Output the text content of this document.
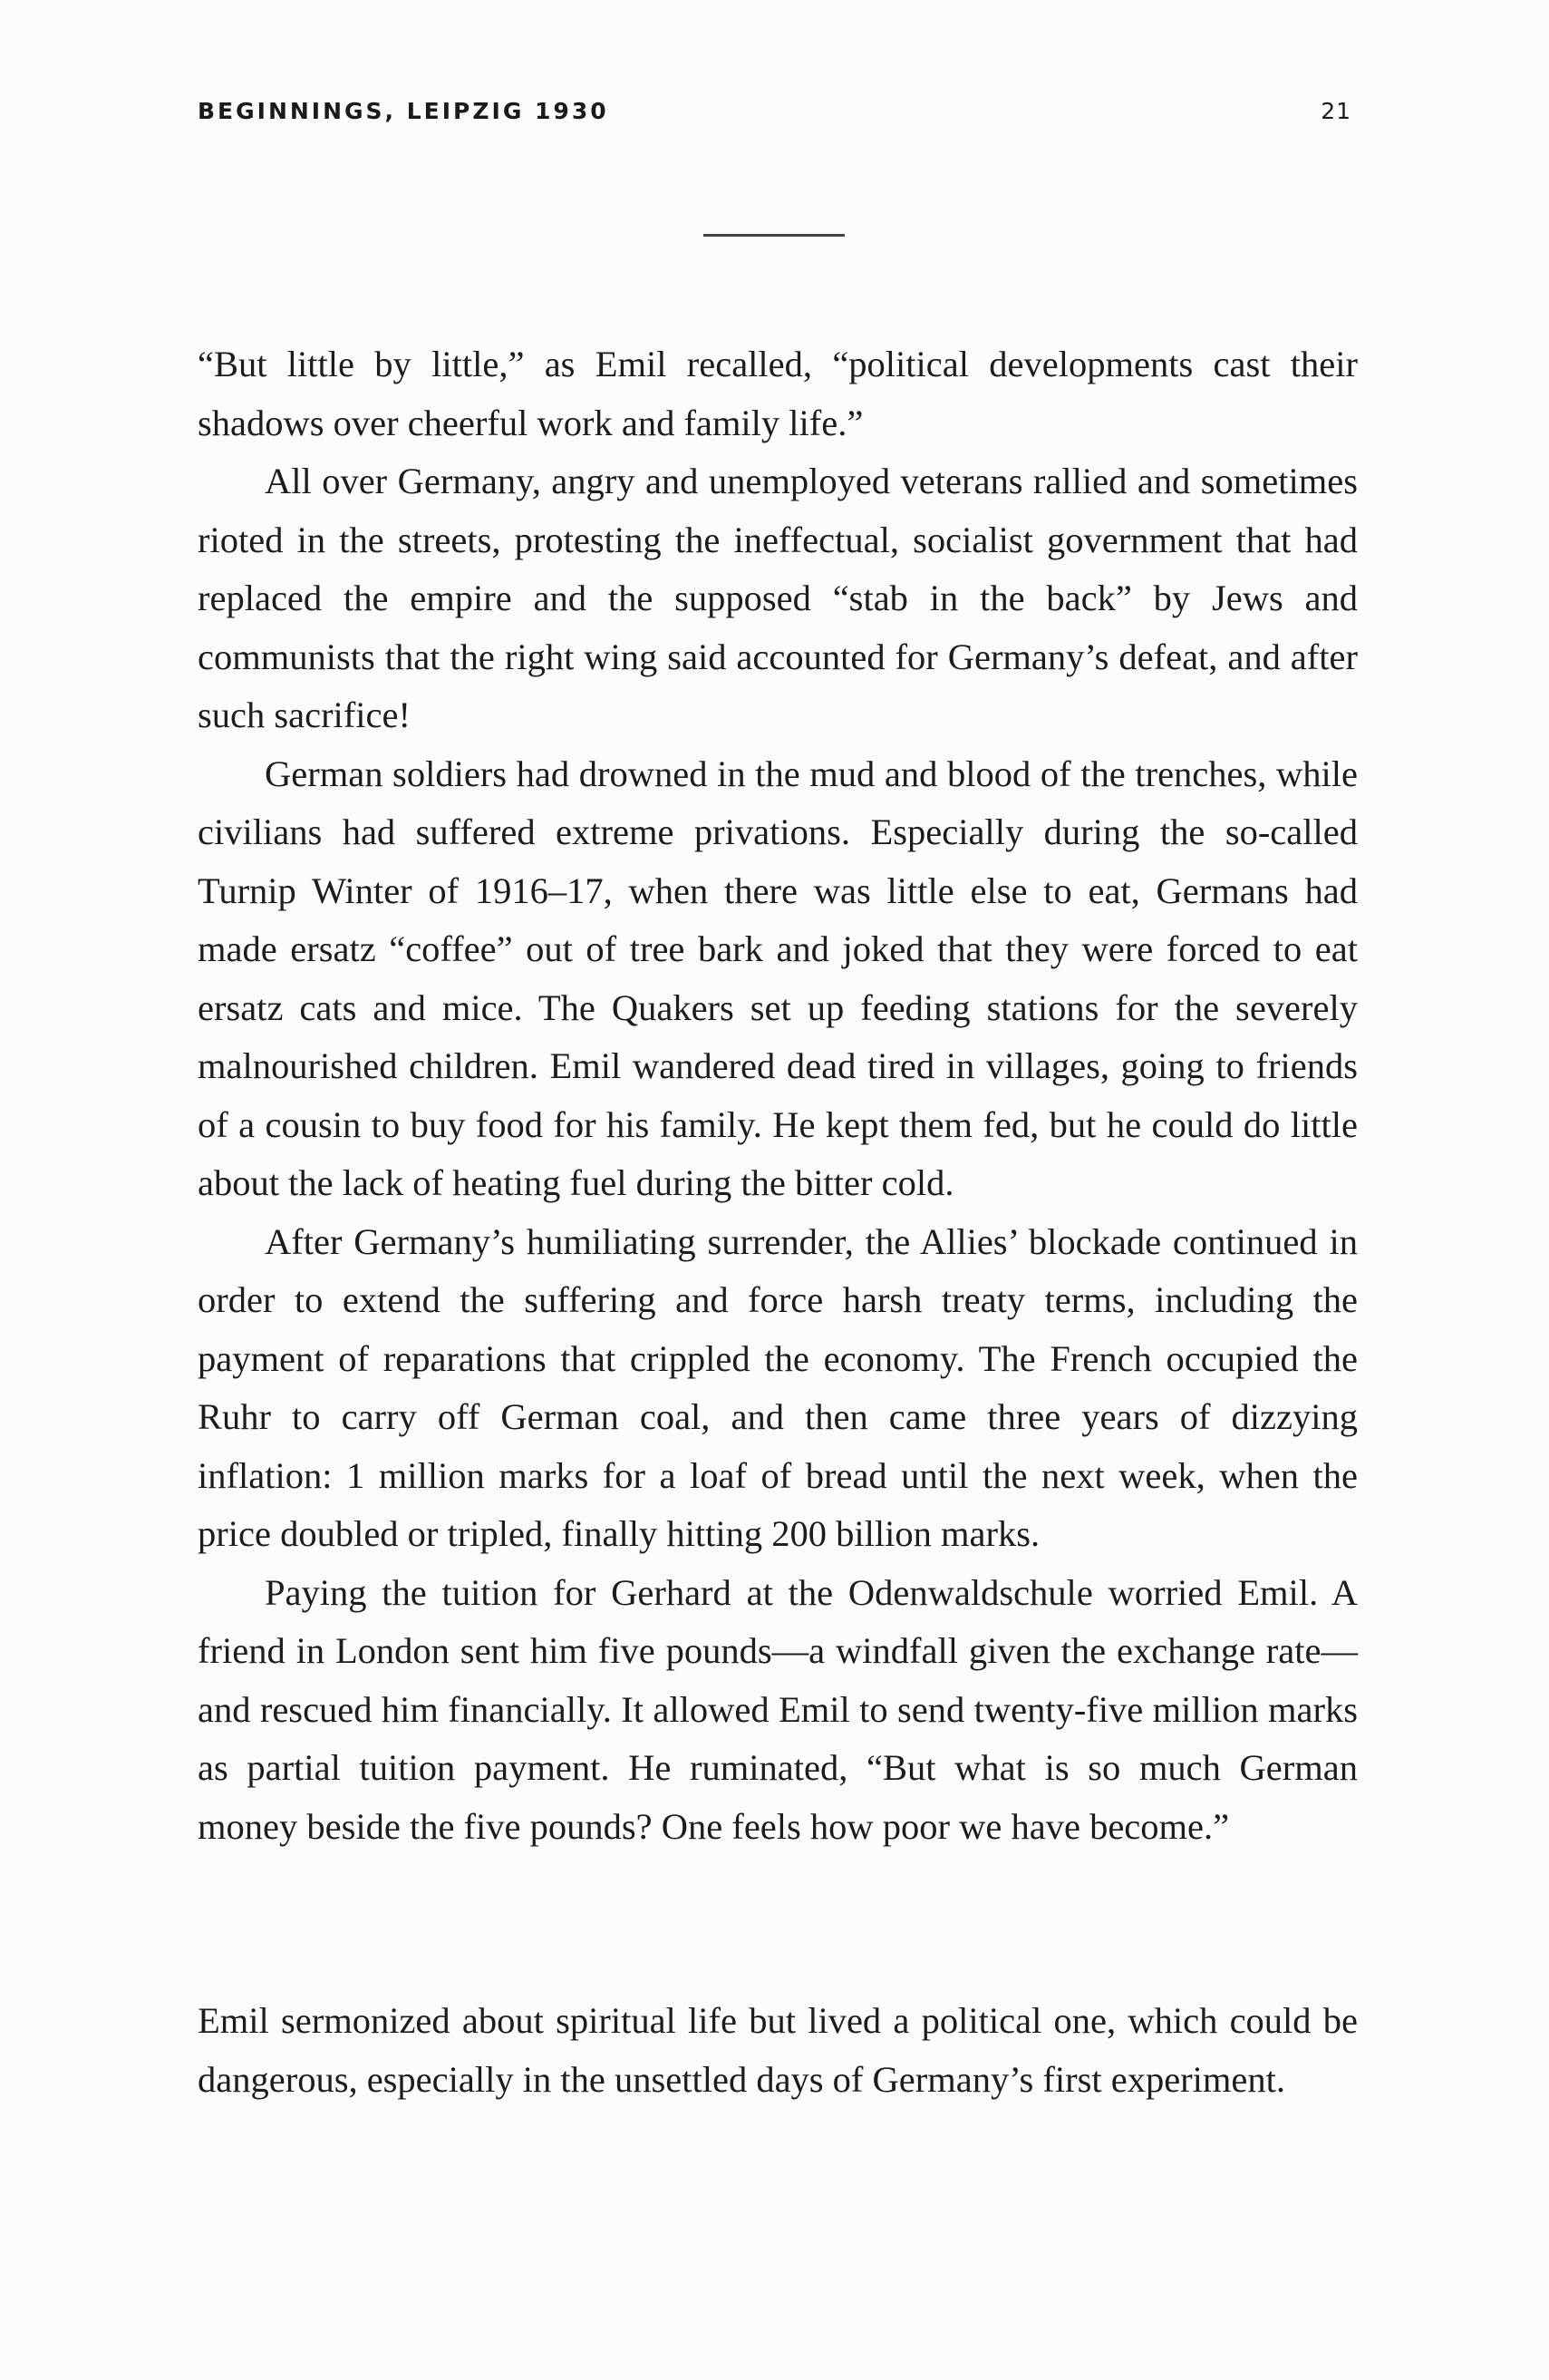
BEGINNINGS, LEIPZIG 1930	21

“But little by little,” as Emil recalled, “political developments cast their shadows over cheerful work and family life.”

All over Germany, angry and unemployed veterans rallied and sometimes rioted in the streets, protesting the ineffectual, socialist government that had replaced the empire and the supposed “stab in the back” by Jews and communists that the right wing said accounted for Germany’s defeat, and after such sacrifice!

German soldiers had drowned in the mud and blood of the trenches, while civilians had suffered extreme privations. Especially during the so-called Turnip Winter of 1916–17, when there was little else to eat, Germans had made ersatz “coffee” out of tree bark and joked that they were forced to eat ersatz cats and mice. The Quakers set up feeding stations for the severely malnourished children. Emil wandered dead tired in villages, going to friends of a cousin to buy food for his family. He kept them fed, but he could do little about the lack of heating fuel during the bitter cold.

After Germany’s humiliating surrender, the Allies’ blockade continued in order to extend the suffering and force harsh treaty terms, including the payment of reparations that crippled the economy. The French occupied the Ruhr to carry off German coal, and then came three years of dizzying inflation: 1 million marks for a loaf of bread until the next week, when the price doubled or tripled, finally hitting 200 billion marks.

Paying the tuition for Gerhard at the Odenwaldschule worried Emil. A friend in London sent him five pounds—a windfall given the exchange rate—and rescued him financially. It allowed Emil to send twenty-five million marks as partial tuition payment. He ruminated, “But what is so much German money beside the five pounds? One feels how poor we have become.”

Emil sermonized about spiritual life but lived a political one, which could be dangerous, especially in the unsettled days of Germany’s first experiment.
